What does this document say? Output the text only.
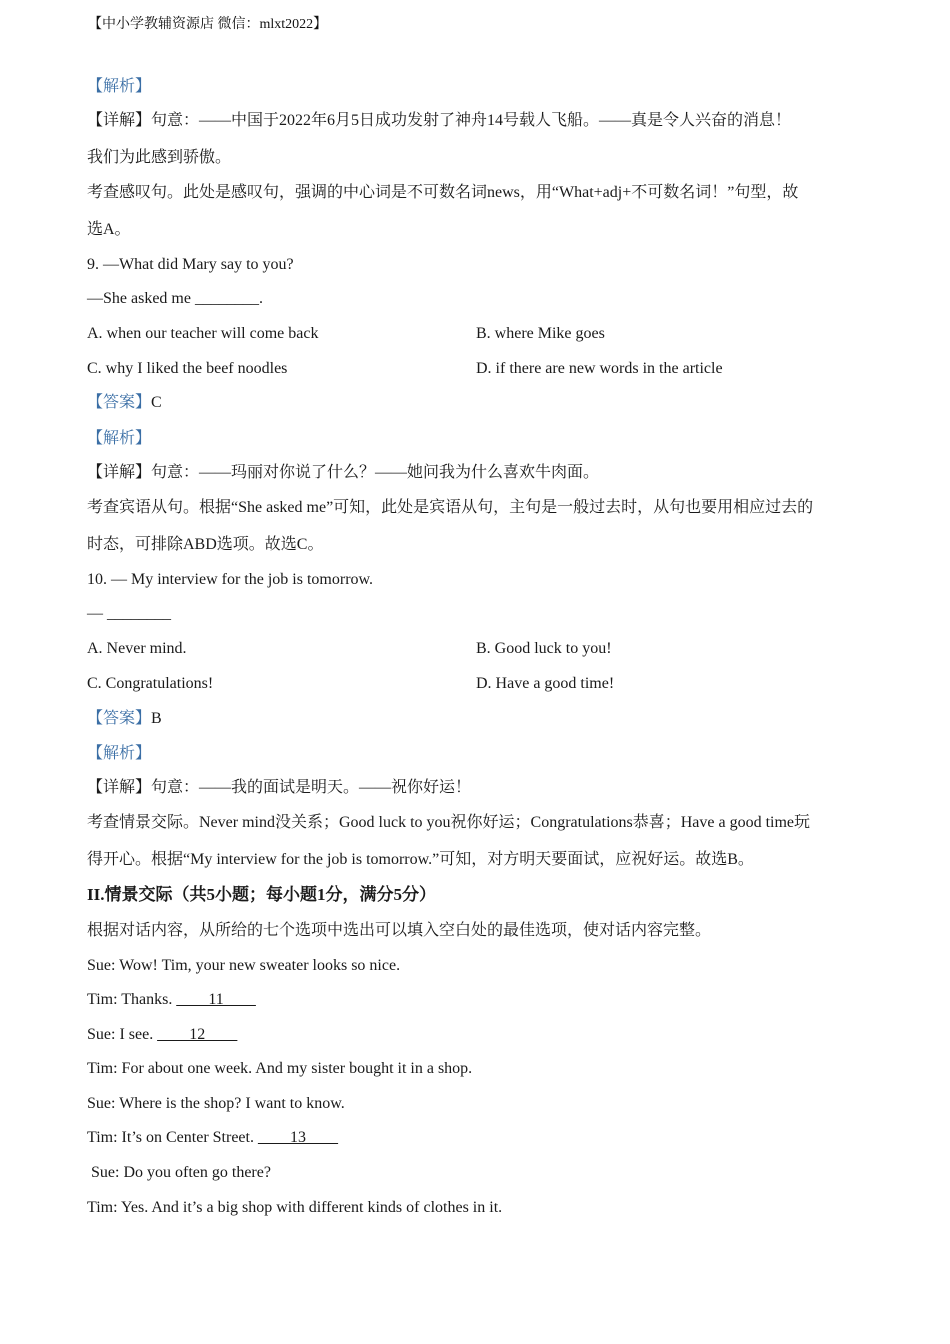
【中小学教辅资源店 微信：mlxt2022】
【解析】
【详解】句意：——中国于2022年6月5日成功发射了神舟14号载人飞船。——真是令人兴奋的消息！
我们为此感到骄傲。
考查感叹句。此处是感叹句，强调的中心词是不可数名词news，用“What+adj+不可数名词！”句型，故
选A。
9. —What did Mary say to you?
—She asked me ________.
A. when our teacher will come back	B. where Mike goes
C. why I liked the beef noodles	D. if there are new words in the article
【答案】C
【解析】
【详解】句意：——玛丽对你说了什么？——她问我为什么喜欢牛肉面。
考查宾语从句。根据“She asked me”可知，此处是宾语从句，主句是一般过去时，从句也要用相应过去的
时态，可排除ABD选项。故选C。
10. — My interview for the job is tomorrow.
— ________
A. Never mind.	B. Good luck to you!
C. Congratulations!	D. Have a good time!
【答案】B
【解析】
【详解】句意：——我的面试是明天。——祝你好运！
考查情景交际。Never mind没关系；Good luck to you祝你好运；Congratulations恭喜；Have a good time玩
得开心。根据“My interview for the job is tomorrow.”可知，对方明天要面试，应祝好运。故选B。
II.情景交际（共5小题；每小题1分，满分5分）
根据对话内容，从所给的七个选项中选出可以填入空白处的最佳选项，使对话内容完整。
Sue: Wow! Tim, your new sweater looks so nice.
Tim: Thanks. ____11____
Sue: I see. ____12____
Tim: For about one week. And my sister bought it in a shop.
Sue: Where is the shop? I want to know.
Tim: It’s on Center Street. ____13____
Sue: Do you often go there?
Tim: Yes. And it’s a big shop with different kinds of clothes in it.
